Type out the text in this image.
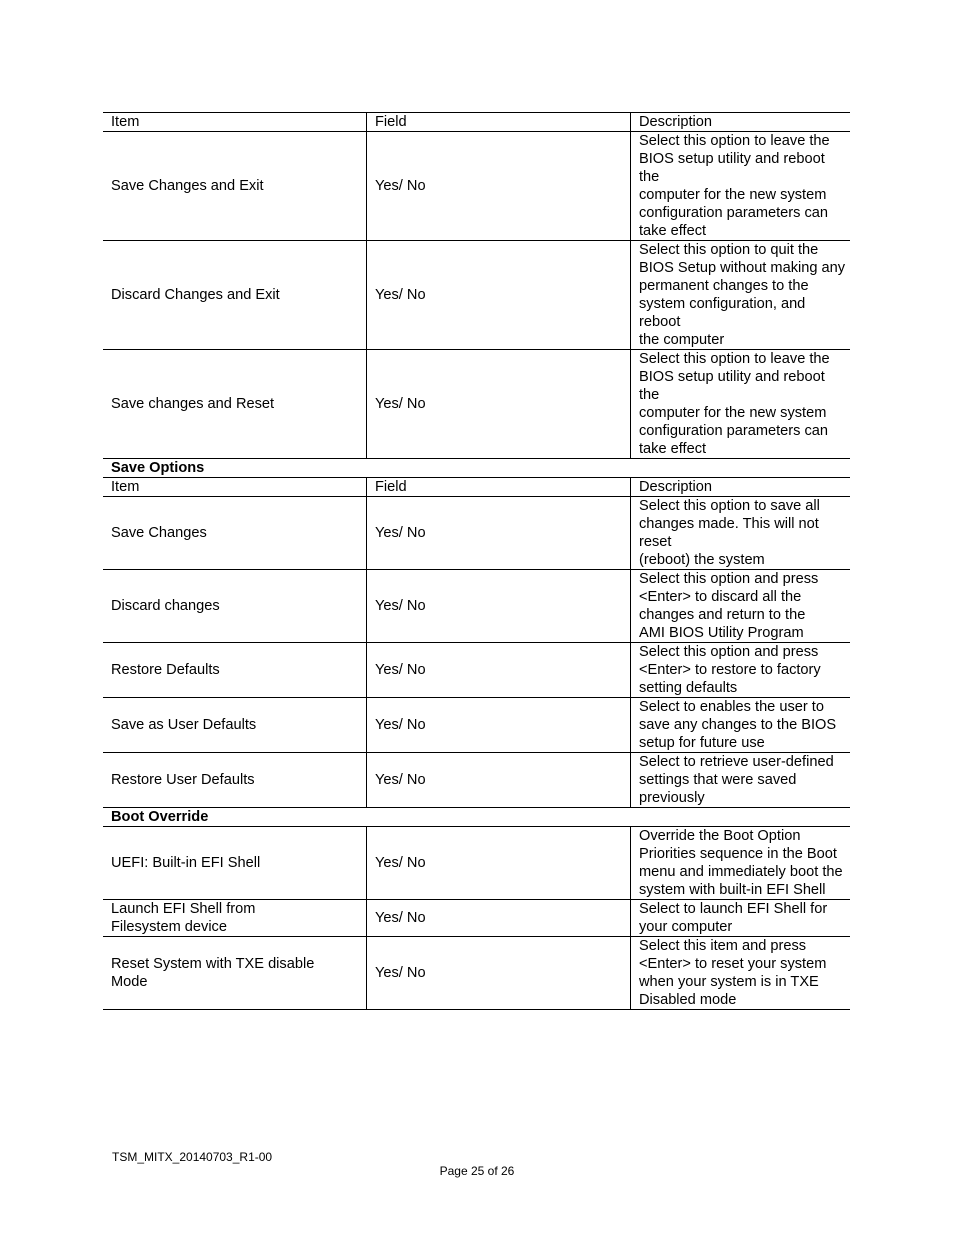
Item	Field	Description
Save Changes and Exit	Yes/ No	Select this option to leave the
BIOS setup utility and reboot the
computer for the new system
configuration parameters can
take effect
Discard Changes and Exit	Yes/ No	Select this option to quit the
BIOS Setup without making any
permanent changes to the
system configuration, and reboot
the computer
Save changes and Reset	Yes/ No	Select this option to leave the
BIOS setup utility and reboot the
computer for the new system
configuration parameters can
take effect
Save Options		
Item	Field	Description
Save Changes	Yes/ No	Select this option to save all
changes made. This will not reset
(reboot) the system
Discard changes	Yes/ No	Select this option and press
<Enter> to discard all the
changes and return to the
AMI BIOS Utility Program
Restore Defaults	Yes/ No	Select this option and press
<Enter> to restore to factory
setting defaults
Save as User Defaults	Yes/ No	Select to enables the user to
save any changes to the BIOS
setup for future use
Restore User Defaults	Yes/ No	Select to retrieve user-defined
settings that were saved
previously
Boot Override		
UEFI: Built-in EFI Shell	Yes/ No	Override the Boot Option
Priorities sequence in the Boot
menu and immediately boot the
system with built-in EFI Shell
Launch EFI Shell from
Filesystem device	Yes/ No	Select to launch EFI Shell for
your computer
Reset System with TXE disable
Mode	Yes/ No	Select this item and press
<Enter> to reset your system
when your system is in TXE
Disabled mode
TSM_MITX_20140703_R1-00
Page 25 of 26
